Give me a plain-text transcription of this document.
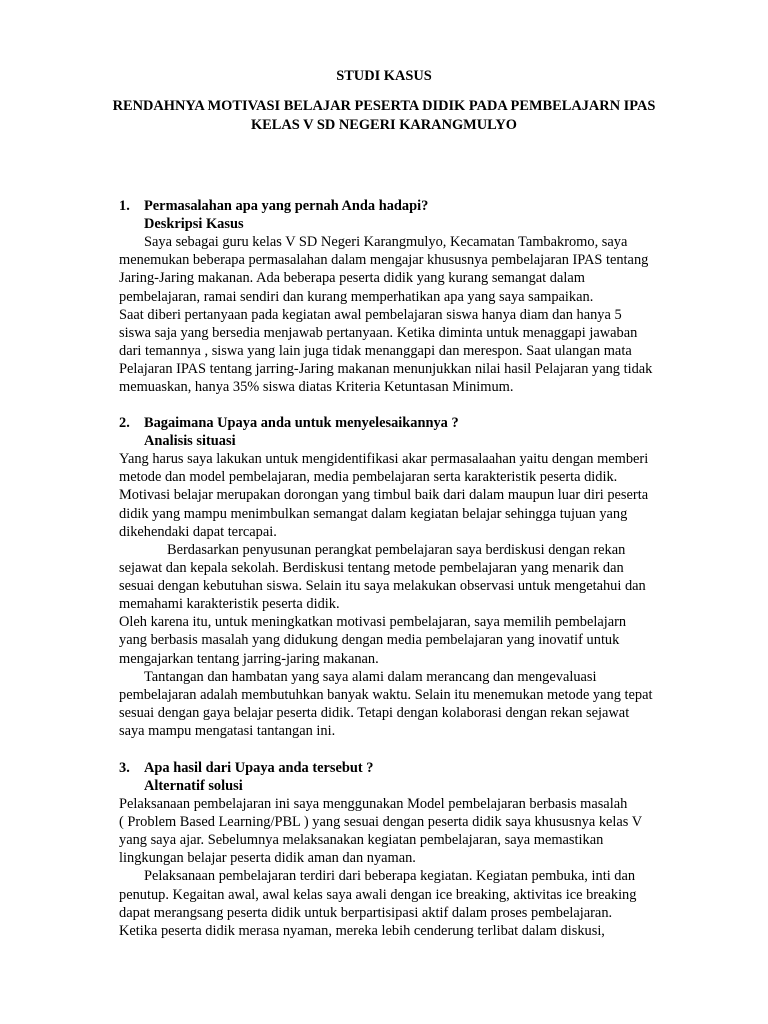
STUDI KASUS
RENDAHNYA MOTIVASI BELAJAR PESERTA DIDIK PADA PEMBELAJARN IPAS
KELAS V SD NEGERI KARANGMULYO
1. Permasalahan apa yang pernah Anda hadapi?
Deskripsi Kasus
Saya sebagai guru kelas V SD Negeri Karangmulyo, Kecamatan Tambakromo, saya
menemukan beberapa permasalahan dalam mengajar khususnya pembelajaran IPAS tentang
Jaring-Jaring makanan. Ada beberapa peserta didik yang kurang semangat dalam
pembelajaran, ramai sendiri dan kurang memperhatikan apa yang saya sampaikan.
Saat diberi pertanyaan pada kegiatan awal pembelajaran siswa hanya diam dan hanya 5
siswa saja yang bersedia menjawab pertanyaan. Ketika diminta untuk menaggapi jawaban
dari temannya , siswa yang lain juga tidak menanggapi dan merespon. Saat ulangan mata
Pelajaran IPAS tentang jarring-Jaring makanan menunjukkan nilai hasil Pelajaran yang tidak
memuaskan, hanya 35% siswa diatas Kriteria Ketuntasan Minimum.
2. Bagaimana Upaya anda untuk menyelesaikannya ?
Analisis situasi
Yang harus saya lakukan untuk mengidentifikasi akar permasalaahan yaitu dengan memberi
metode dan model pembelajaran, media pembelajaran serta karakteristik peserta didik.
Motivasi belajar merupakan dorongan yang timbul baik dari dalam maupun luar diri peserta
didik yang mampu menimbulkan semangat dalam kegiatan belajar sehingga tujuan yang
dikehendaki dapat tercapai.
Berdasarkan penyusunan perangkat pembelajaran saya berdiskusi dengan rekan
sejawat dan kepala sekolah. Berdiskusi tentang metode pembelajaran yang menarik dan
sesuai dengan kebutuhan siswa. Selain itu saya melakukan observasi untuk mengetahui dan
memahami karakteristik peserta didik.
Oleh karena itu, untuk meningkatkan motivasi pembelajaran, saya memilih pembelajarn
yang berbasis masalah yang didukung dengan media pembelajaran yang inovatif untuk
mengajarkan tentang jarring-jaring makanan.
Tantangan dan hambatan yang saya alami dalam merancang dan mengevaluasi
pembelajaran adalah membutuhkan banyak waktu. Selain itu menemukan metode yang tepat
sesuai dengan gaya belajar peserta didik. Tetapi dengan kolaborasi dengan rekan sejawat
saya mampu mengatasi tantangan ini.
3. Apa hasil dari Upaya anda tersebut ?
Alternatif solusi
Pelaksanaan pembelajaran ini saya menggunakan Model pembelajaran berbasis masalah
( Problem Based Learning/PBL ) yang sesuai dengan peserta didik saya khususnya kelas V
yang saya ajar. Sebelumnya melaksanakan kegiatan pembelajaran, saya memastikan
lingkungan belajar peserta didik aman dan nyaman.
Pelaksanaan pembelajaran terdiri dari beberapa kegiatan. Kegiatan pembuka, inti dan
penutup. Kegaitan awal, awal kelas saya awali dengan ice breaking, aktivitas ice breaking
dapat merangsang peserta didik untuk berpartisipasi aktif dalam proses pembelajaran.
Ketika peserta didik merasa nyaman, mereka lebih cenderung terlibat dalam diskusi,
